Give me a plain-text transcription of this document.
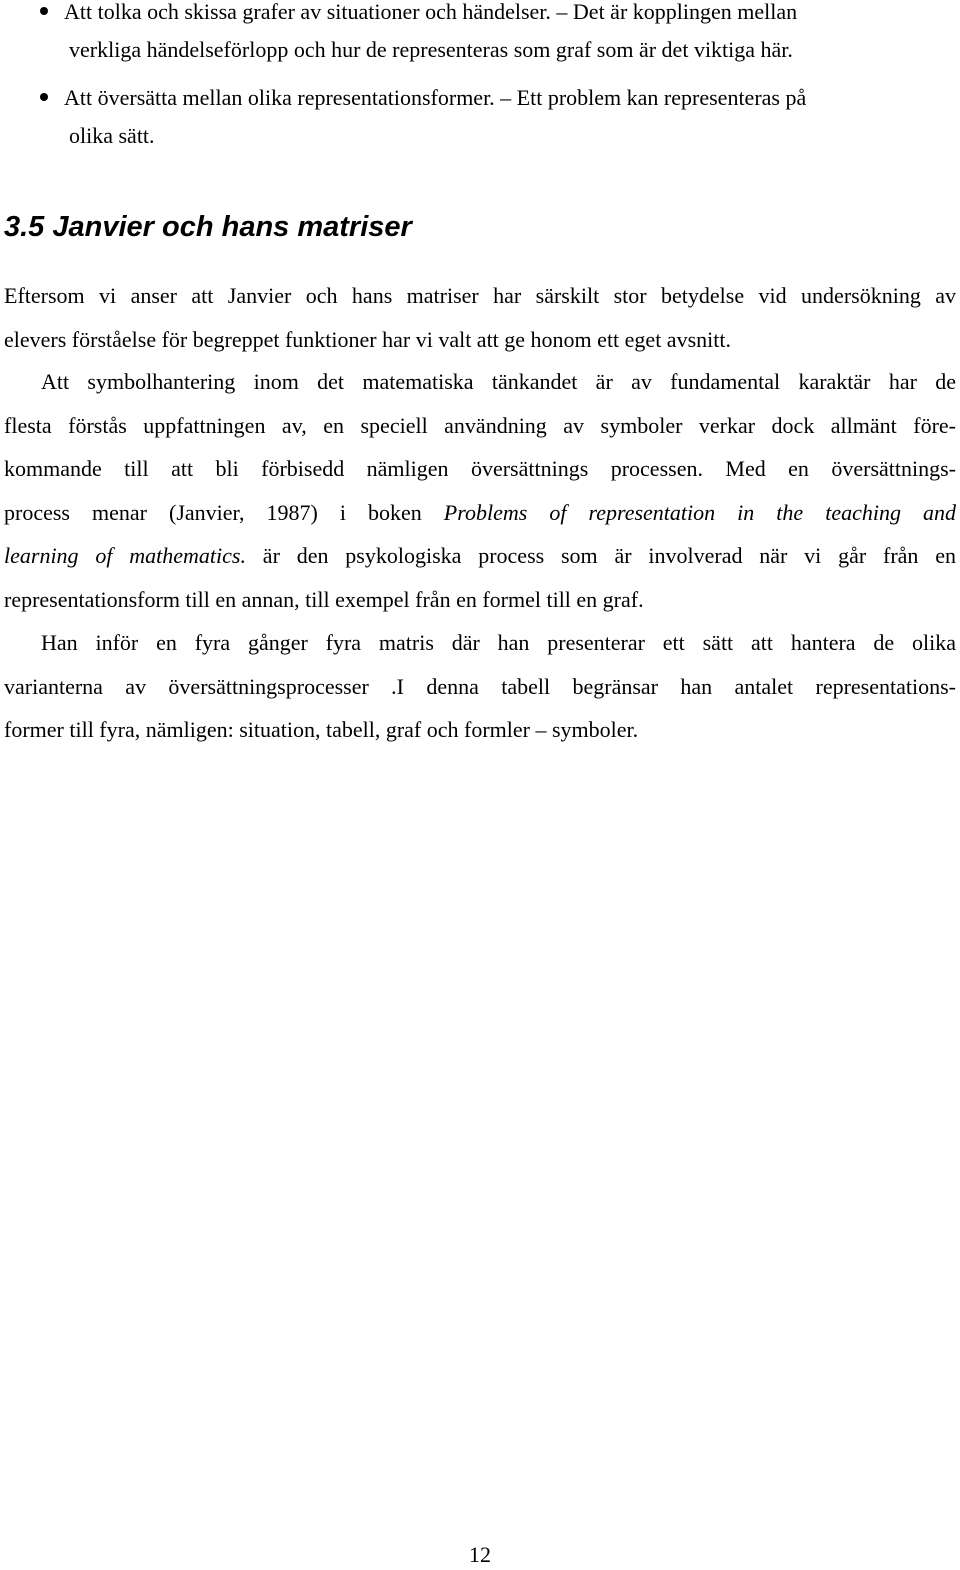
Att tolka och skissa grafer av situationer och händelser. – Det är kopplingen mellan
verkliga händelseförlopp och hur de representeras som graf som är det viktiga här.
Att översätta mellan olika representationsformer. – Ett problem kan representeras på
olika sätt.
3.5 Janvier och hans matriser

Eftersom vi anser att Janvier och hans matriser har särskilt stor betydelse vid undersökning av
elevers förståelse för begreppet funktioner har vi valt att ge honom ett eget avsnitt.

Att symbolhantering inom det matematiska tänkandet är av fundamental karaktär har de
flesta förstås uppfattningen av, en speciell användning av symboler verkar dock allmänt före-
kommande till att bli förbisedd nämligen översättnings processen. Med en översättnings-
process menar (Janvier, 1987) i boken Problems of representation in the teaching and
learning of mathematics. är den psykologiska process som är involverad när vi går från en
representationsform till en annan, till exempel från en formel till en graf.

Han inför en fyra gånger fyra matris där han presenterar ett sätt att hantera de olika
varianterna av översättningsprocesser .I denna tabell begränsar han antalet representations-
former till fyra, nämligen: situation, tabell, graf och formler – symboler.

12
